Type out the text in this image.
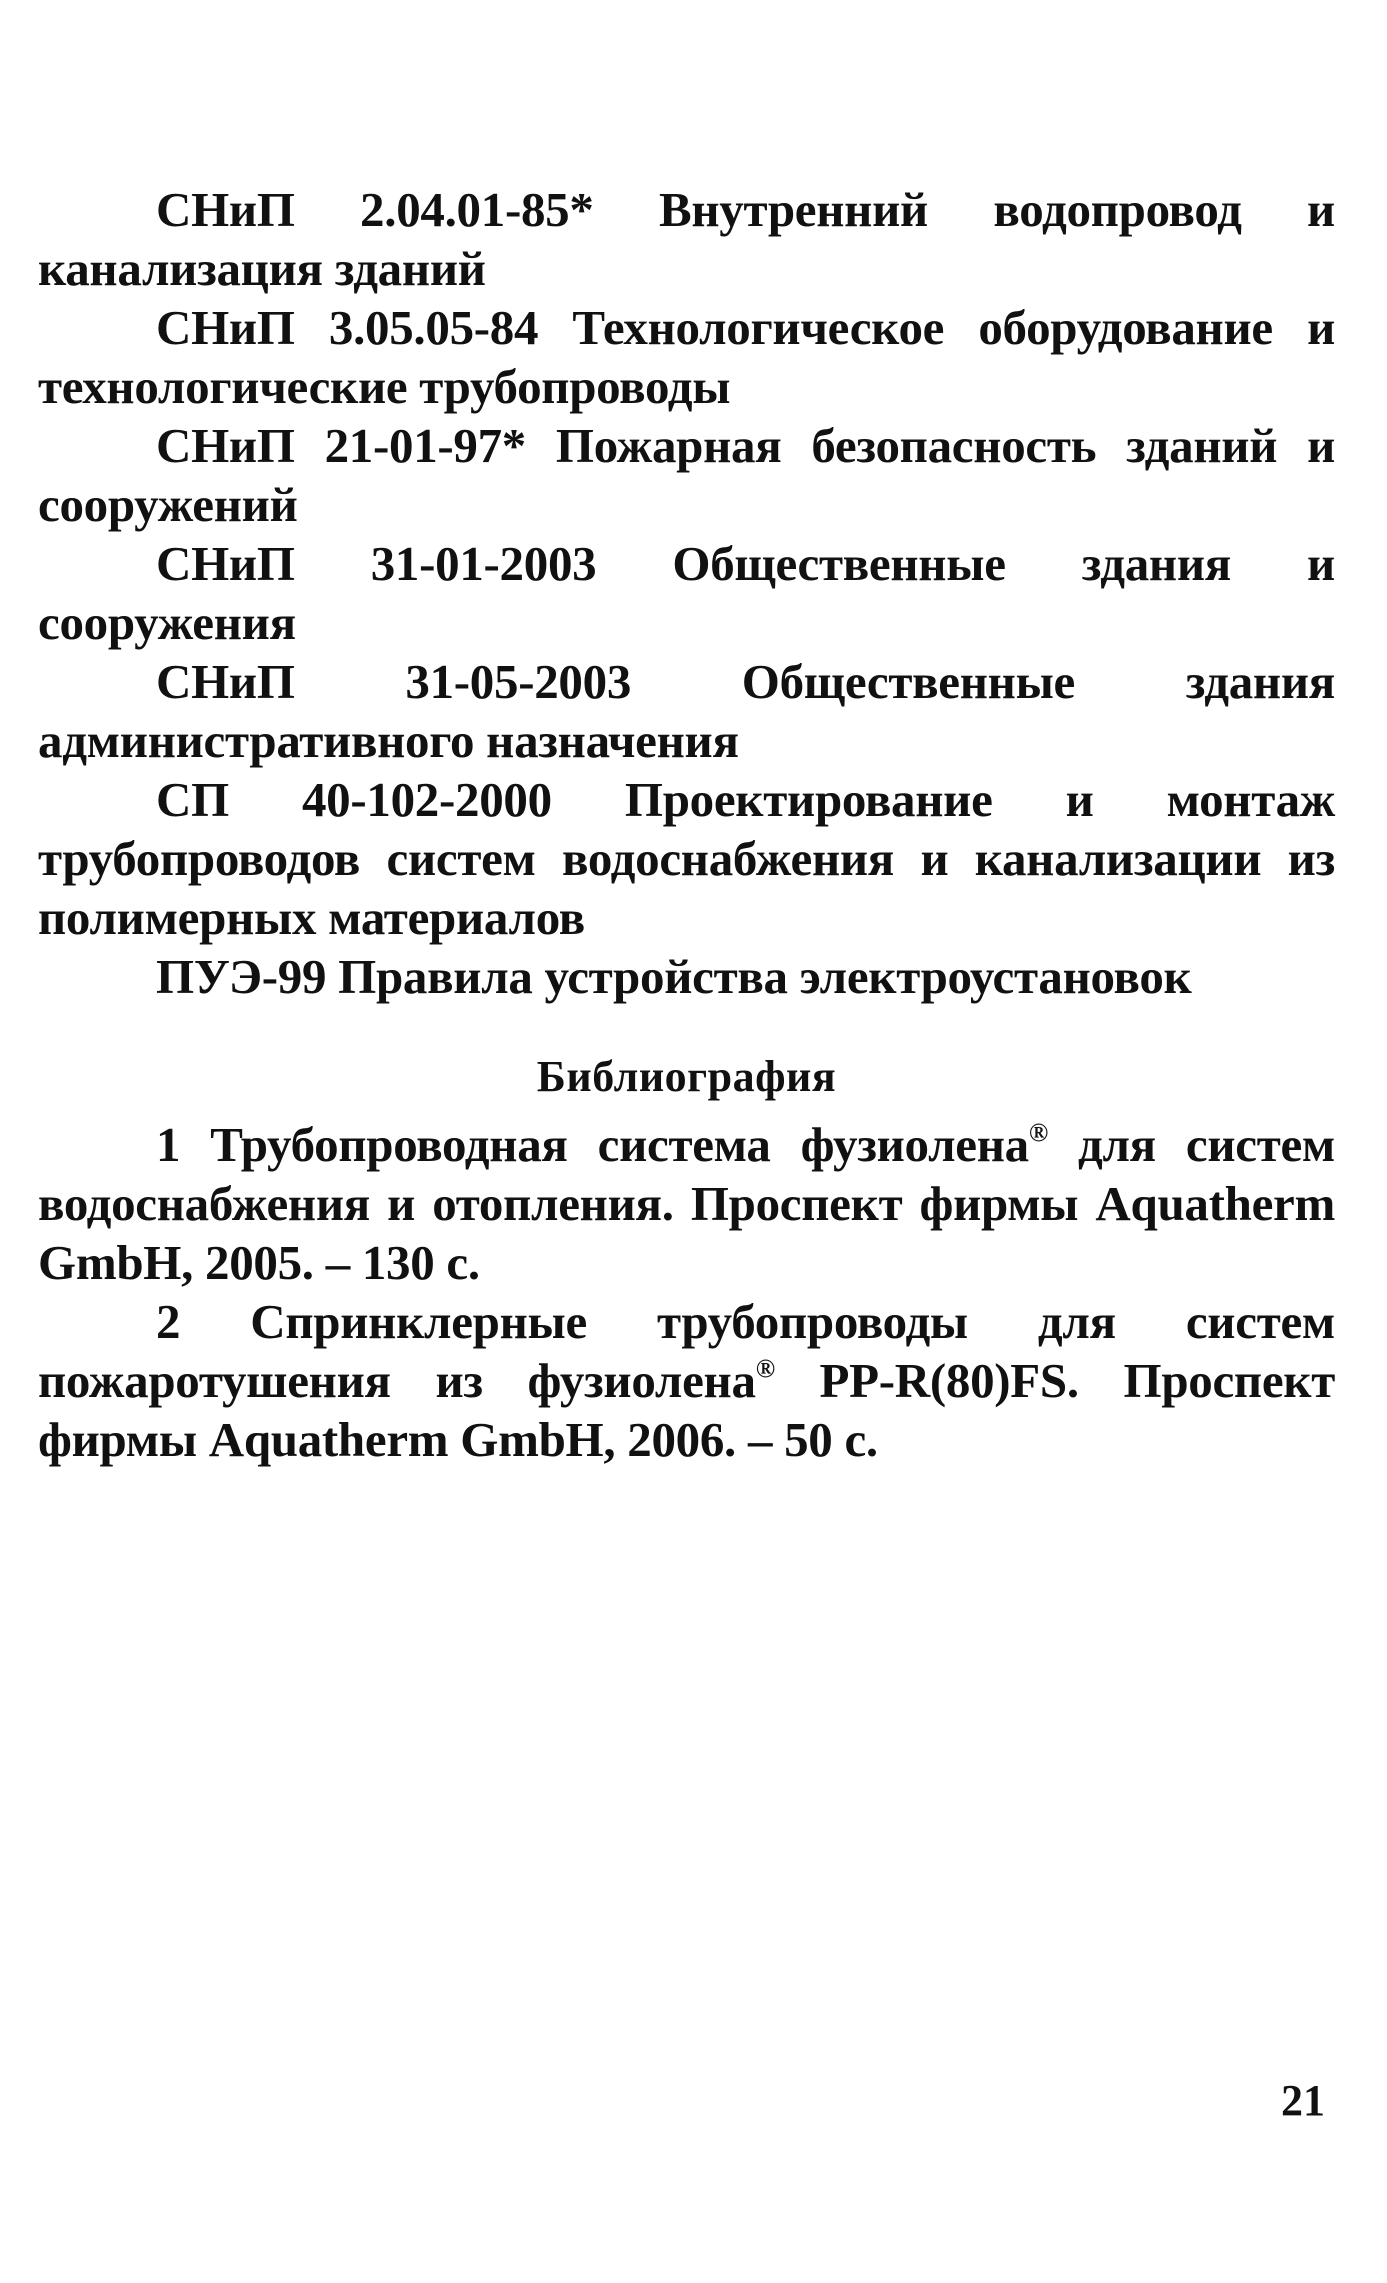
СНиП 2.04.01-85* Внутренний водопровод и канализация зданий

СНиП 3.05.05-84 Технологическое оборудование и технологические трубопроводы

СНиП 21-01-97* Пожарная безопасность зданий и сооружений

СНиП 31-01-2003 Общественные здания и сооружения

СНиП 31-05-2003 Общественные здания административного назначения

СП 40-102-2000 Проектирование и монтаж трубопроводов систем водоснабжения и канализации из полимерных материалов

ПУЭ-99 Правила устройства электроустановок

Библиография

1 Трубопроводная система фузиолена® для систем водоснабжения и отопления. Проспект фирмы Aquatherm GmbH, 2005. – 130 с.

2 Спринклерные трубопроводы для систем пожаротушения из фузиолена® PP-R(80)FS. Проспект фирмы Aquatherm GmbH, 2006. – 50 с.

21
